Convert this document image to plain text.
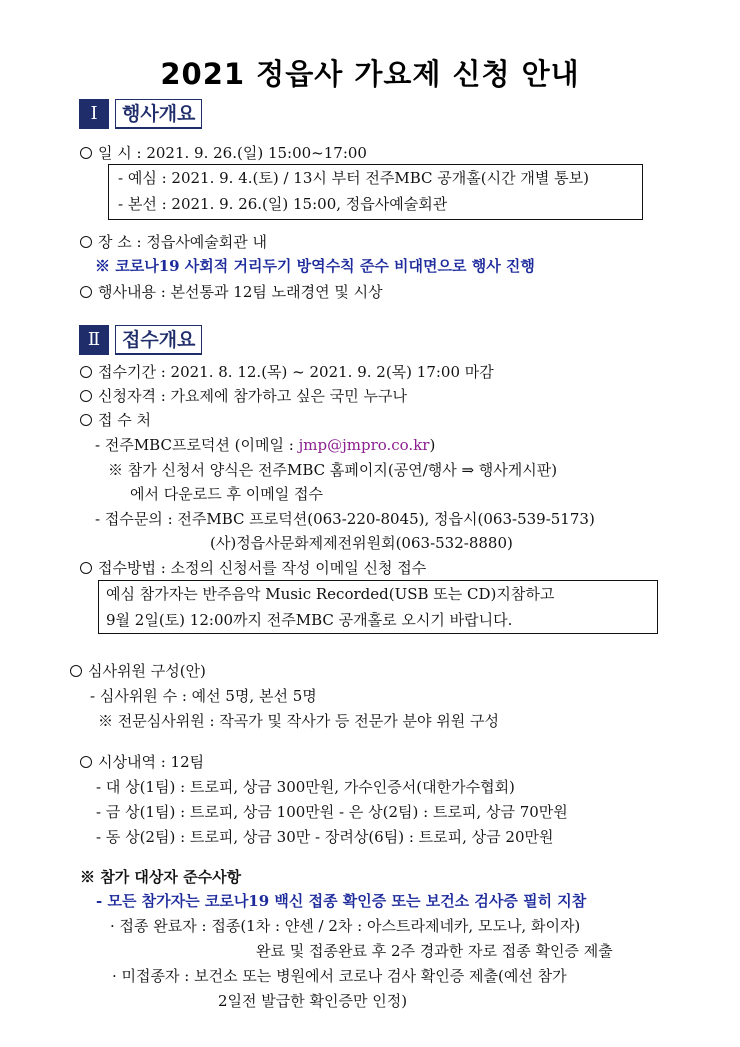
2021 정읍사 가요제 신청 안내
Ⅰ	행사개요
일 시 : 2021. 9. 26.(일) 15:00~17:00
- 예심 : 2021. 9. 4.(토) / 13시 부터 전주MBC 공개홀(시간 개별 통보)
- 본선 : 2021. 9. 26.(일) 15:00, 정읍사예술회관
장 소 : 정읍사예술회관 내
※ 코로나19 사회적 거리두기 방역수칙 준수 비대면으로 행사 진행
행사내용 : 본선통과 12팀 노래경연 및 시상
Ⅱ	접수개요
접수기간 : 2021. 8. 12.(목) ~ 2021. 9. 2(목) 17:00 마감
신청자격 : 가요제에 참가하고 싶은 국민 누구나
접 수 처
- 전주MBC프로덕션 (이메일 : jmp@jmpro.co.kr)
※ 참가 신청서 양식은 전주MBC 홈페이지(공연/행사 ⇒ 행사게시판)
에서 다운로드 후 이메일 접수
- 접수문의 : 전주MBC 프로덕션(063-220-8045), 정읍시(063-539-5173)
(사)정읍사문화제제전위원회(063-532-8880)
접수방법 : 소정의 신청서를 작성 이메일 신청 접수
예심 참가자는 반주음악 Music Recorded(USB 또는 CD)지참하고
9월 2일(토) 12:00까지 전주MBC 공개홀로 오시기 바랍니다.
심사위원 구성(안)
- 심사위원 수 : 예선 5명, 본선 5명
※ 전문심사위원 : 작곡가 및 작사가 등 전문가 분야 위원 구성
시상내역 : 12팀
- 대 상(1팀) : 트로피, 상금 300만원, 가수인증서(대한가수협회)
- 금 상(1팀) : 트로피, 상금 100만원 - 은 상(2팀) : 트로피, 상금 70만원
- 동 상(2팀) : 트로피, 상금 30만 - 장려상(6팀) : 트로피, 상금 20만원
※ 참가 대상자 준수사항
- 모든 참가자는 코로나19 백신 접종 확인증 또는 보건소 검사증 필히 지참
· 접종 완료자 : 접종(1차 : 얀센 / 2차 : 아스트라제네카, 모도나, 화이자)
완료 및 접종완료 후 2주 경과한 자로 접종 확인증 제출
· 미접종자 : 보건소 또는 병원에서 코로나 검사 확인증 제출(예선 참가
2일전 발급한 확인증만 인정)
